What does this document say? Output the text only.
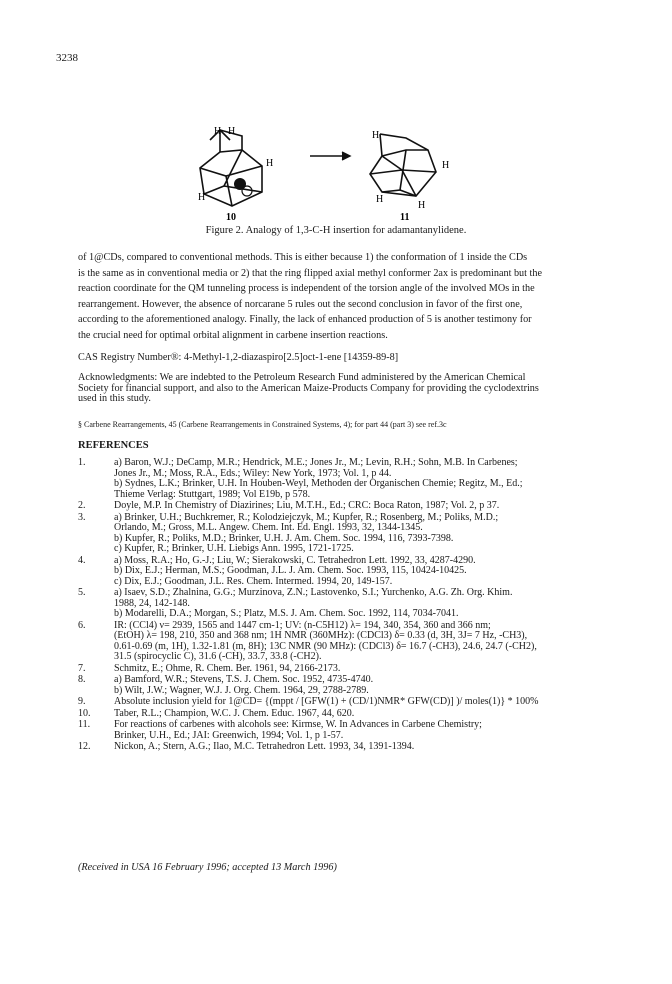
3238
H H
H
H
10
H
H
H
H
11
Figure 2. Analogy of 1,3-C-H insertion for adamantanylidene.
of 1@CDs, compared to conventional methods. This is either because 1) the conformation of 1 inside the CDs
is the same as in conventional media or 2) that the ring flipped axial methyl conformer 2ax is predominant but the
reaction coordinate for the QM tunneling process is independent of the torsion angle of the involved MOs in the
rearrangement. However, the absence of norcarane 5 rules out the second conclusion in favor of the first one,
according to the aforementioned analogy. Finally, the lack of enhanced production of 5 is another testimony for
the crucial need for optimal orbital alignment in carbene insertion reactions.
CAS Registry Number®: 4-Methyl-1,2-diazaspiro[2.5]oct-1-ene [14359-89-8]
Acknowledgments: We are indebted to the Petroleum Research Fund administered by the American Chemical
Society for financial support, and also to the American Maize-Products Company for providing the cyclodextrins
used in this study.
§ Carbene Rearrangements, 45 (Carbene Rearrangements in Constrained Systems, 4); for part 44 (part 3) see ref.3c
REFERENCES
1.	a) Baron, W.J.; DeCamp, M.R.; Hendrick, M.E.; Jones Jr., M.; Levin, R.H.; Sohn, M.B. In Carbenes;
Jones Jr., M.; Moss, R.A., Eds.; Wiley: New York, 1973; Vol. 1, p 44.
b) Sydnes, L.K.; Brinker, U.H. In Houben-Weyl, Methoden der Organischen Chemie; Regitz, M., Ed.;
Thieme Verlag: Stuttgart, 1989; Vol E19b, p 578.
2.	Doyle, M.P. In Chemistry of Diazirines; Liu, M.T.H., Ed.; CRC: Boca Raton, 1987; Vol. 2, p 37.
3.	a) Brinker, U.H.; Buchkremer, R.; Kolodziejczyk, M.; Kupfer, R.; Rosenberg, M.; Poliks, M.D.;
Orlando, M.; Gross, M.L. Angew. Chem. Int. Ed. Engl. 1993, 32, 1344-1345.
b) Kupfer, R.; Poliks, M.D.; Brinker, U.H. J. Am. Chem. Soc. 1994, 116, 7393-7398.
c) Kupfer, R.; Brinker, U.H. Liebigs Ann. 1995, 1721-1725.
4.	a) Moss, R.A.; Ho, G.-J.; Liu, W.; Sierakowski, C. Tetrahedron Lett. 1992, 33, 4287-4290.
b) Dix, E.J.; Herman, M.S.; Goodman, J.L. J. Am. Chem. Soc. 1993, 115, 10424-10425.
c) Dix, E.J.; Goodman, J.L. Res. Chem. Intermed. 1994, 20, 149-157.
5.	a) Isaev, S.D.; Zhalnina, G.G.; Murzinova, Z.N.; Lastovenko, S.I.; Yurchenko, A.G. Zh. Org. Khim.
1988, 24, 142-148.
b) Modarelli, D.A.; Morgan, S.; Platz, M.S. J. Am. Chem. Soc. 1992, 114, 7034-7041.
6.	IR: (CCl4) ν= 2939, 1565 and 1447 cm-1; UV: (n-C5H12) λ= 194, 340, 354, 360 and 366 nm;
(EtOH) λ= 198, 210, 350 and 368 nm; 1H NMR (360MHz): (CDCl3) δ= 0.33 (d, 3H, 3J= 7 Hz, -CH3),
0.61-0.69 (m, 1H), 1.32-1.81 (m, 8H); 13C NMR (90 MHz): (CDCl3) δ= 16.7 (-CH3), 24.6, 24.7 (-CH2),
31.5 (spirocyclic C), 31.6 (-CH), 33.7, 33.8 (-CH2).
7.	Schmitz, E.; Ohme, R. Chem. Ber. 1961, 94, 2166-2173.
8.	a) Bamford, W.R.; Stevens, T.S. J. Chem. Soc. 1952, 4735-4740.
b) Wilt, J.W.; Wagner, W.J. J. Org. Chem. 1964, 29, 2788-2789.
9.	Absolute inclusion yield for 1@CD= {(mppt / [GFW(1) + (CD/1)NMR* GFW(CD)] )/ moles(1)} * 100%
10.	Taber, R.L.; Champion, W.C. J. Chem. Educ. 1967, 44, 620.
11.	For reactions of carbenes with alcohols see: Kirmse, W. In Advances in Carbene Chemistry;
Brinker, U.H., Ed.; JAI: Greenwich, 1994; Vol. 1, p 1-57.
12.	Nickon, A.; Stern, A.G.; Ilao, M.C. Tetrahedron Lett. 1993, 34, 1391-1394.
(Received in USA 16 February 1996; accepted 13 March 1996)
